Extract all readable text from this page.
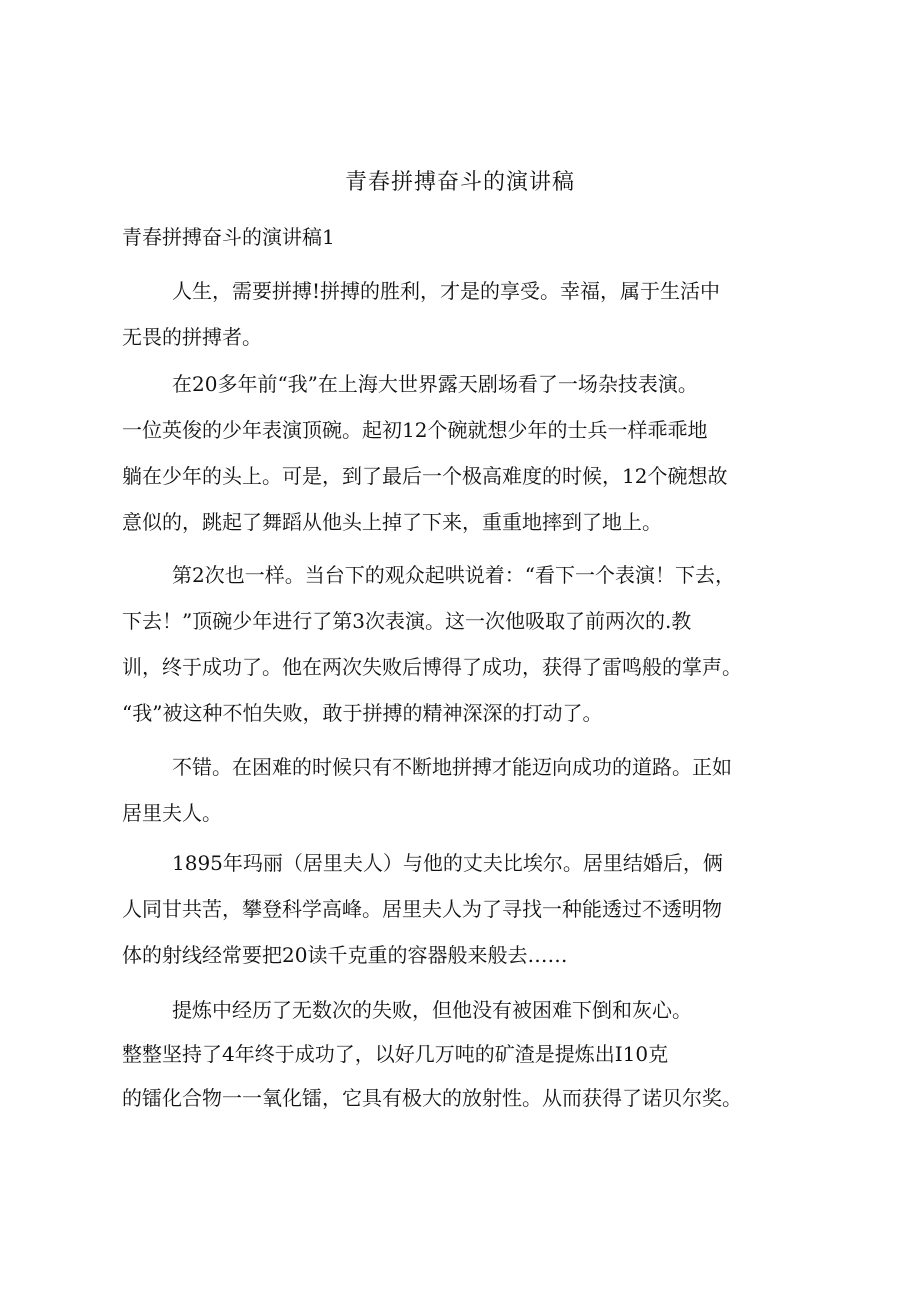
青春拼搏奋斗的演讲稿
青春拼搏奋斗的演讲稿1
人生，需要拼搏!拼搏的胜利，才是的享受。幸福，属于生活中
无畏的拼搏者。
在20多年前“我”在上海大世界露天剧场看了一场杂技表演。
一位英俊的少年表演顶碗。起初12个碗就想少年的士兵一样乖乖地
躺在少年的头上。可是，到了最后一个极高难度的时候，12个碗想故
意似的，跳起了舞蹈从他头上掉了下来，重重地摔到了地上。
第2次也一样。当台下的观众起哄说着：“看下一个表演！下去，
下去！”顶碗少年进行了第3次表演。这一次他吸取了前两次的.教
训，终于成功了。他在两次失败后博得了成功，获得了雷鸣般的掌声。
“我”被这种不怕失败，敢于拼搏的精神深深的打动了。
不错。在困难的时候只有不断地拼搏才能迈向成功的道路。正如
居里夫人。
1895年玛丽（居里夫人）与他的丈夫比埃尔。居里结婚后，俩
人同甘共苦，攀登科学高峰。居里夫人为了寻找一种能透过不透明物
体的射线经常要把20读千克重的容器般来般去……
提炼中经历了无数次的失败，但他没有被困难下倒和灰心。
整整坚持了4年终于成功了，以好几万吨的矿渣是提炼出I10克
的镭化合物一一氧化镭，它具有极大的放射性。从而获得了诺贝尔奖。
